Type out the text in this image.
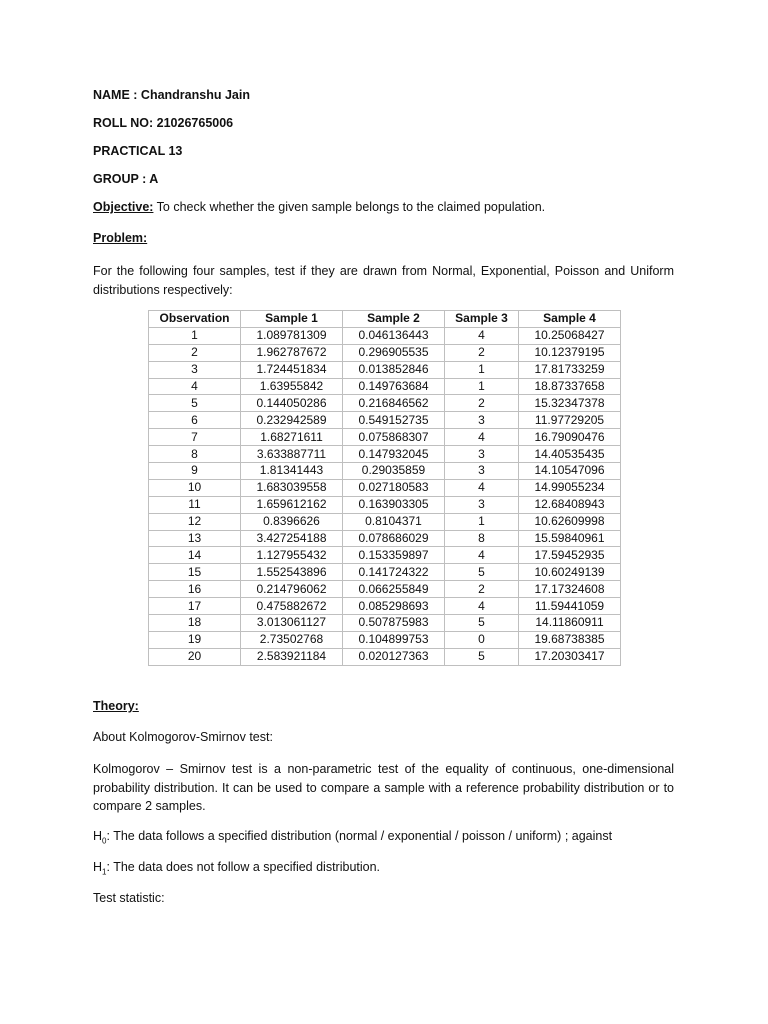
NAME : Chandranshu Jain
ROLL NO: 21026765006
PRACTICAL 13
GROUP : A
Objective: To check whether the given sample belongs to the claimed population.
Problem:
For the following four samples, test if they are drawn from Normal, Exponential, Poisson and Uniform distributions respectively:
Observation	Sample 1	Sample 2	Sample 3	Sample 4
1	1.089781309	0.046136443	4	10.25068427
2	1.962787672	0.296905535	2	10.12379195
3	1.724451834	0.013852846	1	17.81733259
4	1.63955842	0.149763684	1	18.87337658
5	0.144050286	0.216846562	2	15.32347378
6	0.232942589	0.549152735	3	11.97729205
7	1.68271611	0.075868307	4	16.79090476
8	3.633887711	0.147932045	3	14.40535435
9	1.81341443	0.29035859	3	14.10547096
10	1.683039558	0.027180583	4	14.99055234
11	1.659612162	0.163903305	3	12.68408943
12	0.8396626	0.8104371	1	10.62609998
13	3.427254188	0.078686029	8	15.59840961
14	1.127955432	0.153359897	4	17.59452935
15	1.552543896	0.141724322	5	10.60249139
16	0.214796062	0.066255849	2	17.17324608
17	0.475882672	0.085298693	4	11.59441059
18	3.013061127	0.507875983	5	14.11860911
19	2.73502768	0.104899753	0	19.68738385
20	2.583921184	0.020127363	5	17.20303417
Theory:
About Kolmogorov-Smirnov test:
Kolmogorov – Smirnov test is a non-parametric test of the equality of continuous, one-dimensional probability distribution. It can be used to compare a sample with a reference probability distribution or to compare 2 samples.
$H_0$: The data follows a specified distribution (normal / exponential / poisson / uniform) ; against
$H_1$: The data does not follow a specified distribution.
Test statistic:
